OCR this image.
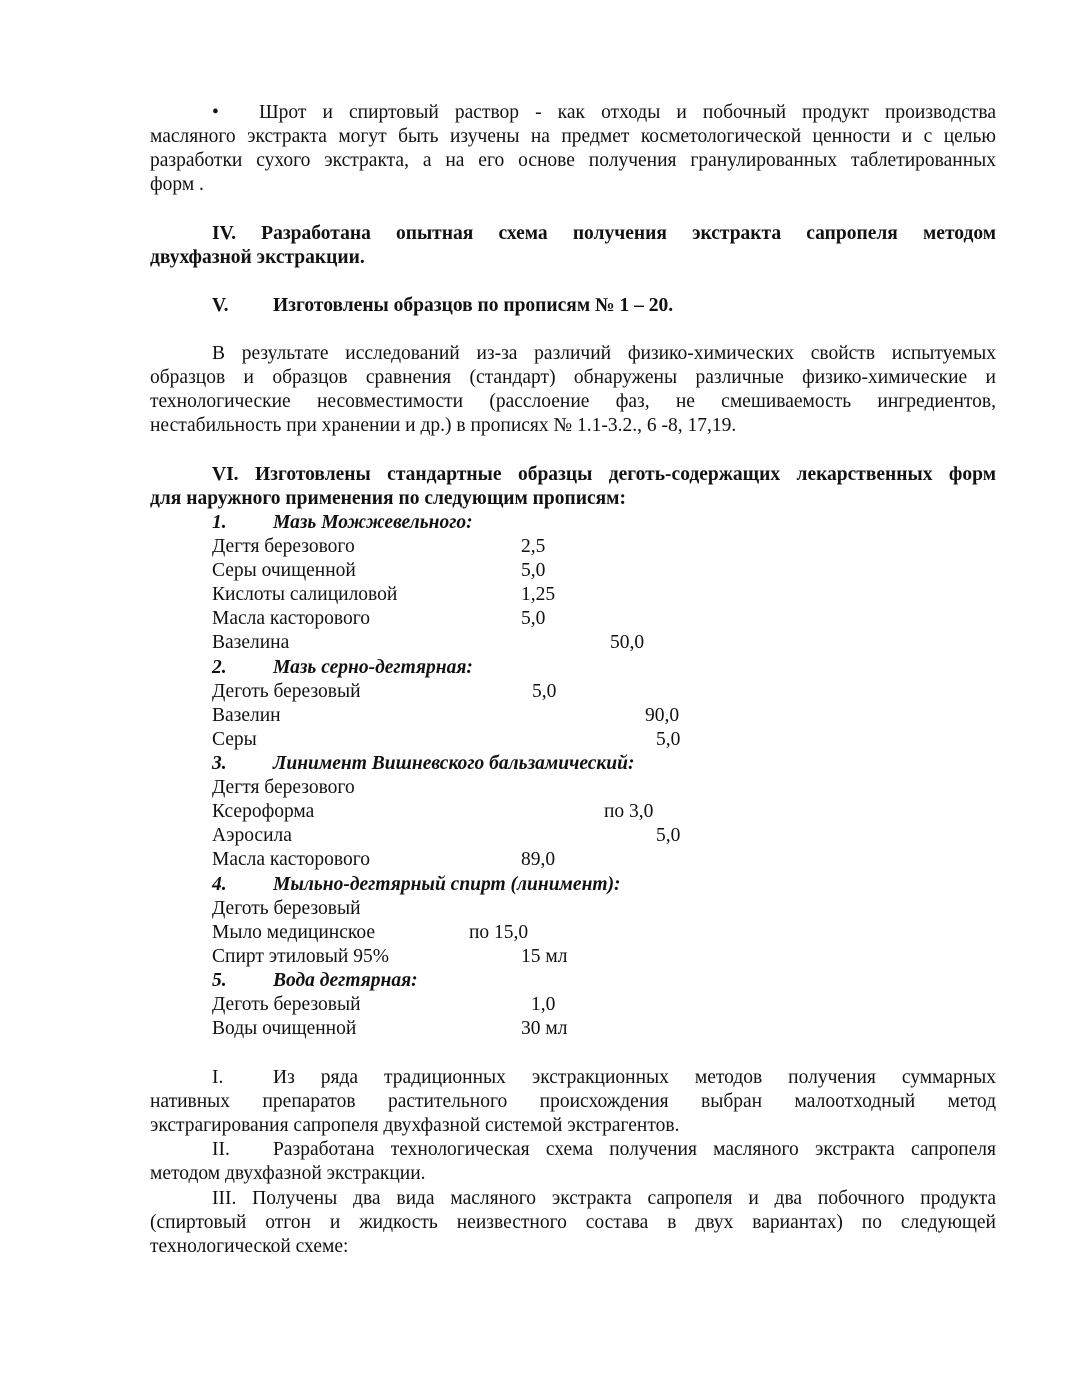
• Шрот и спиртовый раствор - как отходы и побочный продукт производства
масляного экстракта могут быть изучены на предмет косметологической ценности и с целью
разработки сухого экстракта, а на его основе получения гранулированных таблетированных
форм .
IV. Разработана опытная схема получения экстракта сапропеля методом
двухфазной экстракции.
V. Изготовлены образцов по прописям № 1 – 20.
В результате исследований из-за различий физико-химических свойств испытуемых
образцов и образцов сравнения (стандарт) обнаружены различные физико-химические и
технологические несовместимости (расслоение фаз, не смешиваемость ингредиентов,
нестабильность при хранении и др.) в прописях № 1.1-3.2., 6 -8, 17,19.
VI. Изготовлены стандартные образцы деготь-содержащих лекарственных форм
для наружного применения по следующим прописям:
1. Мазь Можжевельного:
Дегтя березового	2,5
Серы очищенной	5,0
Кислоты салициловой	1,25
Масла касторового	5,0
Вазелина	50,0
2. Мазь серно-дегтярная:
Деготь березовый	5,0
Вазелин	90,0
Серы	5,0
3. Линимент Вишневского бальзамический:
Дегтя березового
Ксероформа	по 3,0
Аэросила	5,0
Масла касторового	89,0
4. Мыльно-дегтярный спирт (линимент):
Деготь березовый
Мыло медицинское	по 15,0
Спирт этиловый 95%	15 мл
5. Вода дегтярная:
Деготь березовый	1,0
Воды очищенной	30 мл
I.	Из ряда традиционных экстракционных методов получения суммарных
нативных препаратов растительного происхождения выбран малоотходный метод
экстрагирования сапропеля двухфазной системой экстрагентов.
II. Разработана технологическая схема получения масляного экстракта сапропеля
методом двухфазной экстракции.
III. Получены два вида масляного экстракта сапропеля и два побочного продукта
(спиртовый отгон и жидкость неизвестного состава в двух вариантах) по следующей
технологической схеме:
